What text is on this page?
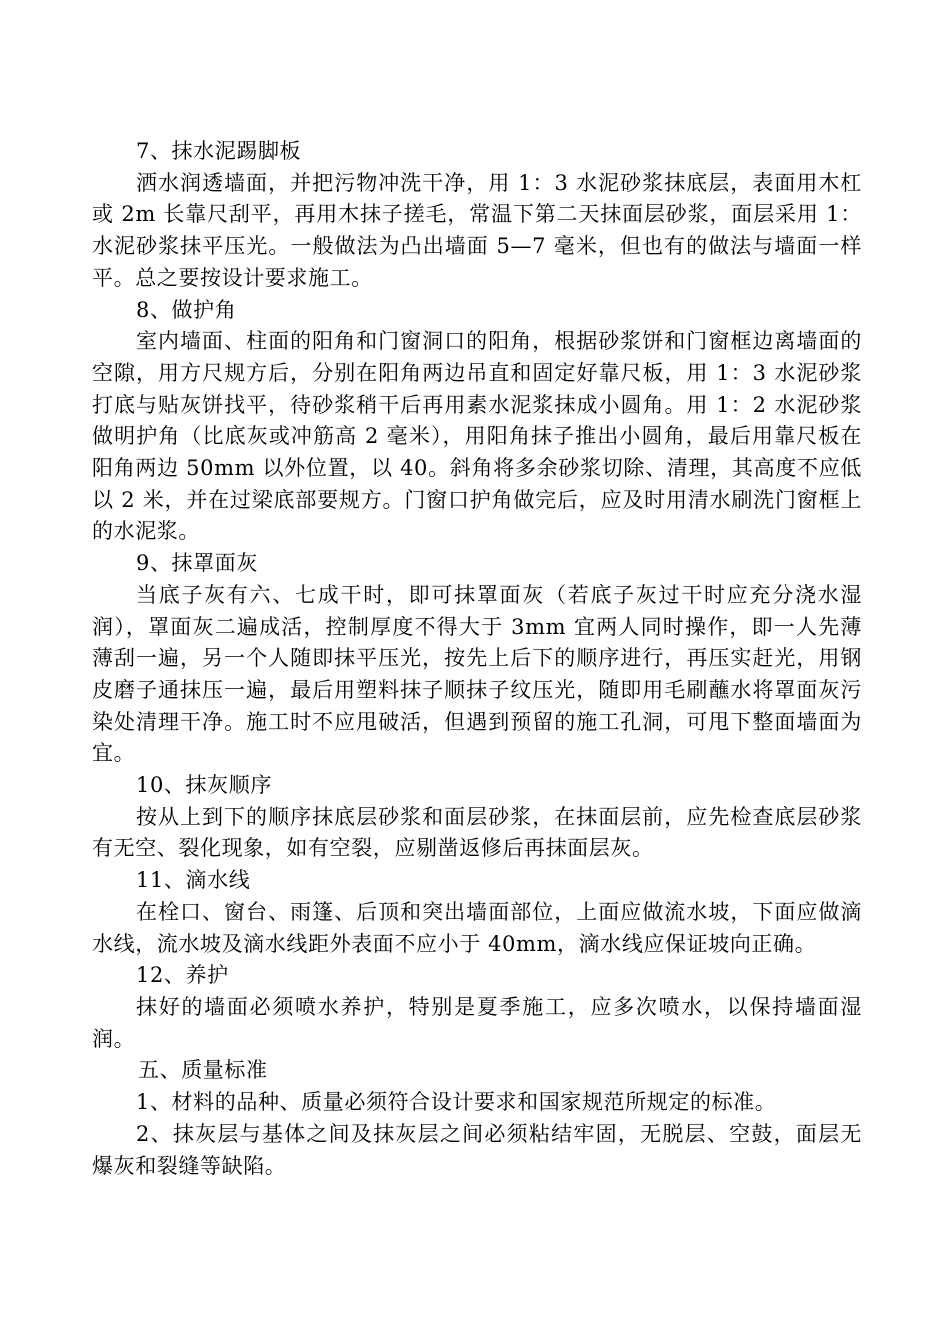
7、抹水泥踢脚板

洒水润透墙面，并把污物冲洗干净，用 1：3 水泥砂浆抹底层，表面用木杠或 2m 长靠尺刮平，再用木抹子搓毛，常温下第二天抹面层砂浆，面层采用 1：水泥砂浆抹平压光。一般做法为凸出墙面 5—7 毫米，但也有的做法与墙面一样平。总之要按设计要求施工。

8、做护角

室内墙面、柱面的阳角和门窗洞口的阳角，根据砂浆饼和门窗框边离墙面的空隙，用方尺规方后，分别在阳角两边吊直和固定好靠尺板，用 1：3 水泥砂浆打底与贴灰饼找平，待砂浆稍干后再用素水泥浆抹成小圆角。用 1：2 水泥砂浆做明护角（比底灰或冲筋高 2 毫米），用阳角抹子推出小圆角，最后用靠尺板在阳角两边 50mm 以外位置，以 40。斜角将多余砂浆切除、清理，其高度不应低以 2 米，并在过梁底部要规方。门窗口护角做完后，应及时用清水刷洗门窗框上的水泥浆。

9、抹罩面灰

当底子灰有六、七成干时，即可抹罩面灰（若底子灰过干时应充分浇水湿润），罩面灰二遍成活，控制厚度不得大于 3mm 宜两人同时操作，即一人先薄薄刮一遍，另一个人随即抹平压光，按先上后下的顺序进行，再压实赶光，用钢皮磨子通抹压一遍，最后用塑料抹子顺抹子纹压光，随即用毛刷蘸水将罩面灰污染处清理干净。施工时不应甩破活，但遇到预留的施工孔洞，可甩下整面墙面为宜。

10、抹灰顺序

按从上到下的顺序抹底层砂浆和面层砂浆，在抹面层前，应先检查底层砂浆有无空、裂化现象，如有空裂，应剔凿返修后再抹面层灰。

11、滴水线

在栓口、窗台、雨篷、后顶和突出墙面部位，上面应做流水坡，下面应做滴水线，流水坡及滴水线距外表面不应小于 40mm，滴水线应保证坡向正确。

12、养护

抹好的墙面必须喷水养护，特别是夏季施工，应多次喷水，以保持墙面湿润。

五、质量标准

1、材料的品种、质量必须符合设计要求和国家规范所规定的标准。

2、抹灰层与基体之间及抹灰层之间必须粘结牢固，无脱层、空鼓，面层无爆灰和裂缝等缺陷。
